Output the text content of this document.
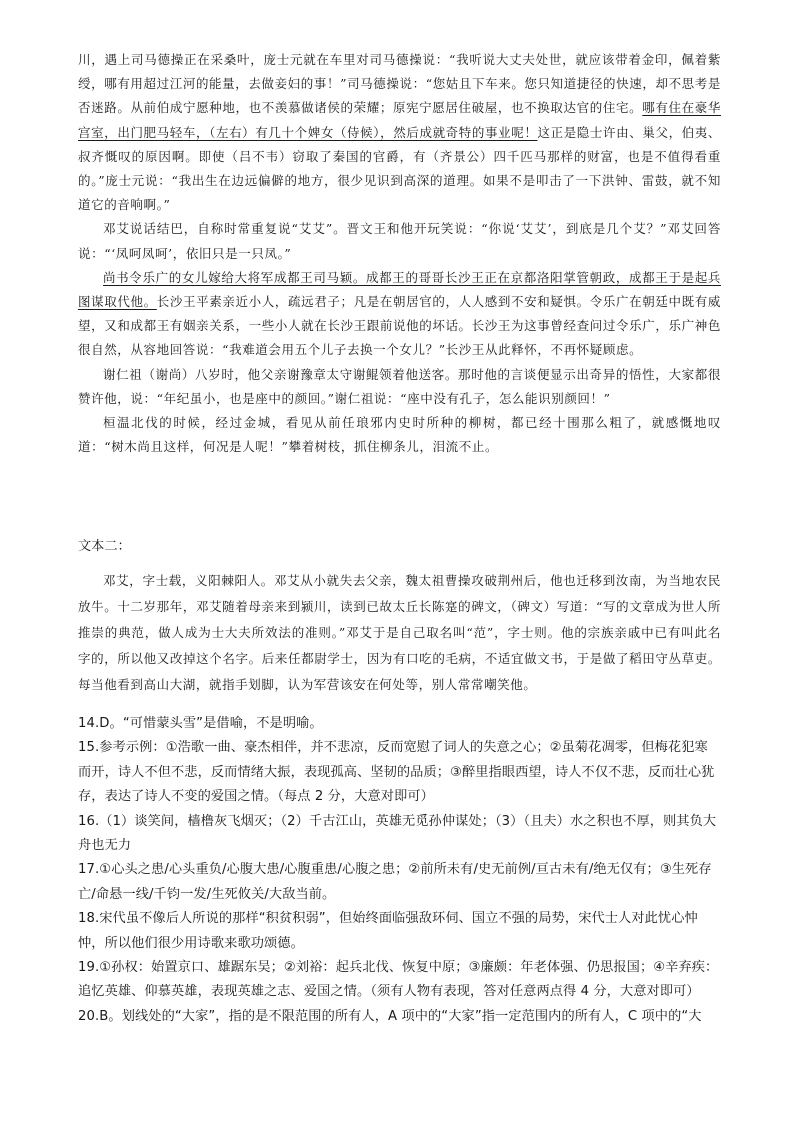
川，遇上司马德操正在采桑叶，庞士元就在车里对司马德操说：“我听说大丈夫处世，就应该带着金印，佩着紫绶，哪有用超过江河的能量，去做妾妇的事！”司马德操说：“您姑且下车来。您只知道捷径的快速，却不思考是否迷路。从前伯成宁愿种地，也不羡慕做诸侯的荣耀；原宪宁愿居住破屋，也不换取达官的住宅。哪有住在豪华宫室，出门肥马轻车，（左右）有几十个婢女（侍候），然后成就奇特的事业呢！这正是隐士许由、巢父，伯夷、叔齐慨叹的原因啊。即使（吕不韦）窃取了秦国的官爵，有（齐景公）四千匹马那样的财富，也是不值得看重的。”庞士元说：“我出生在边远偏僻的地方，很少见识到高深的道理。如果不是叩击了一下洪钟、雷鼓，就不知道它的音响啊。”

邓艾说话结巴，自称时常重复说“艾艾”。晋文王和他开玩笑说：“你说‘艾艾’，到底是几个艾？”邓艾回答说：“‘凤呵凤呵’，依旧只是一只凤。”

尚书令乐广的女儿嫁给大将军成都王司马颖。成都王的哥哥长沙王正在京都洛阳掌管朝政，成都王于是起兵图谋取代他。长沙王平素亲近小人，疏远君子；凡是在朝居官的，人人感到不安和疑惧。令乐广在朝廷中既有威望，又和成都王有姻亲关系，一些小人就在长沙王跟前说他的坏话。长沙王为这事曾经查问过令乐广，乐广神色很自然，从容地回答说：“我难道会用五个儿子去换一个女儿？”长沙王从此释怀，不再怀疑顾虑。

谢仁祖（谢尚）八岁时，他父亲谢豫章太守谢鲲领着他送客。那时他的言谈便显示出奇异的悟性，大家都很赞许他，说：“年纪虽小，也是座中的颜回。”谢仁祖说：“座中没有孔子，怎么能识别颜回！”

桓温北伐的时候，经过金城，看见从前任琅邪内史时所种的柳树，都已经十围那么粗了，就感慨地叹道：“树木尚且这样，何况是人呢！”攀着树枝，抓住柳条儿，泪流不止。

文本二：

邓艾，字士载，义阳棘阳人。邓艾从小就失去父亲，魏太祖曹操攻破荆州后，他也迁移到汝南，为当地农民放牛。十二岁那年，邓艾随着母亲来到颍川，读到已故太丘长陈寔的碑文，（碑文）写道：“写的文章成为世人所推崇的典范，做人成为士大夫所效法的准则。”邓艾于是自己取名叫“范”，字士则。他的宗族亲戚中已有叫此名字的，所以他又改掉这个名字。后来任都尉学士，因为有口吃的毛病，不适宜做文书，于是做了稻田守丛草吏。每当他看到高山大湖，就指手划脚，认为军营该安在何处等，别人常常嘲笑他。

14.D。“可惜蒙头雪”是借喻，不是明喻。

15.参考示例：①浩歌一曲、豪杰相伴，并不悲凉，反而宽慰了词人的失意之心；②虽菊花凋零，但梅花犯寒而开，诗人不但不悲，反而情绪大振，表现孤高、坚韧的品质；③醉里指眼西望，诗人不仅不悲，反而壮心犹存，表达了诗人不变的爱国之情。（每点 2 分，大意对即可）

16.（1）谈笑间，樯橹灰飞烟灭；（2）千古江山，英雄无觅孙仲谋处；（3）（且夫）水之积也不厚，则其负大舟也无力

17.①心头之患/心头重负/心腹大患/心腹重患/心腹之患；②前所未有/史无前例/亘古未有/绝无仅有；③生死存亡/命悬一线/千钧一发/生死攸关/大敌当前。

18.宋代虽不像后人所说的那样“积贫积弱”，但始终面临强敌环伺、国立不强的局势，宋代士人对此忧心忡忡，所以他们很少用诗歌来歌功颂德。

19.①孙权：始置京口、雄踞东吴；②刘裕：起兵北伐、恢复中原；③廉颇：年老体强、仍思报国；④辛弃疾：追忆英雄、仰慕英雄，表现英雄之志、爱国之情。（须有人物有表现，答对任意两点得 4 分，大意对即可）

20.B。划线处的“大家”，指的是不限范围的所有人，A 项中的“大家”指一定范围内的所有人，C 项中的“大
